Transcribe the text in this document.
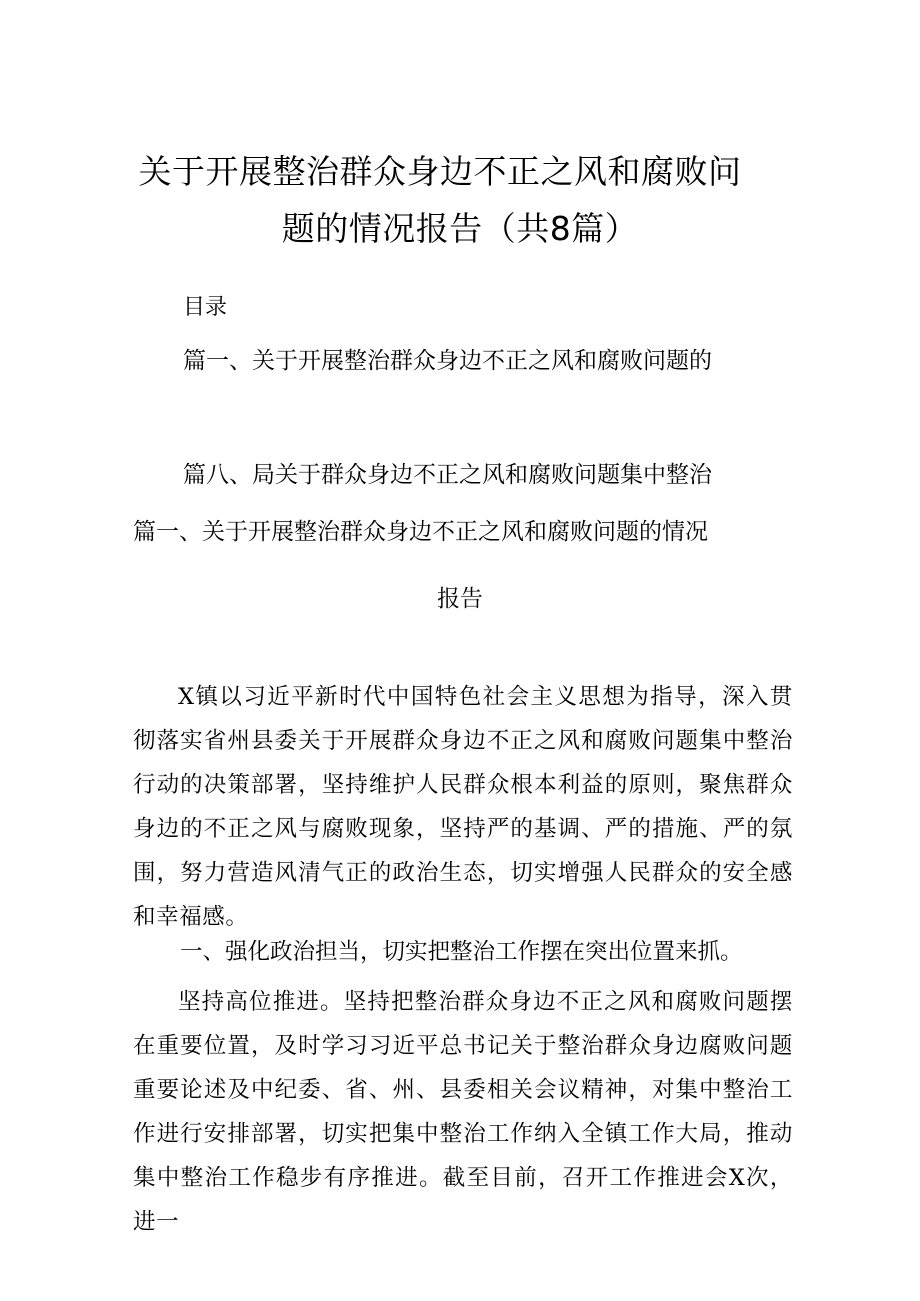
关于开展整治群众身边不正之风和腐败问
题的情况报告（共8篇）
目录
篇一、关于开展整治群众身边不正之风和腐败问题的
篇八、局关于群众身边不正之风和腐败问题集中整治
篇一、关于开展整治群众身边不正之风和腐败问题的情况
报告
X镇以习近平新时代中国特色社会主义思想为指导，深入贯彻落实省州县委关于开展群众身边不正之风和腐败问题集中整治行动的决策部署，坚持维护人民群众根本利益的原则，聚焦群众身边的不正之风与腐败现象，坚持严的基调、严的措施、严的氛围，努力营造风清气正的政治生态，切实增强人民群众的安全感和幸福感。
一、强化政治担当，切实把整治工作摆在突出位置来抓。
坚持高位推进。坚持把整治群众身边不正之风和腐败问题摆在重要位置，及时学习习近平总书记关于整治群众身边腐败问题重要论述及中纪委、省、州、县委相关会议精神，对集中整治工作进行安排部署，切实把集中整治工作纳入全镇工作大局，推动集中整治工作稳步有序推进。截至目前，召开工作推进会X次，进一
